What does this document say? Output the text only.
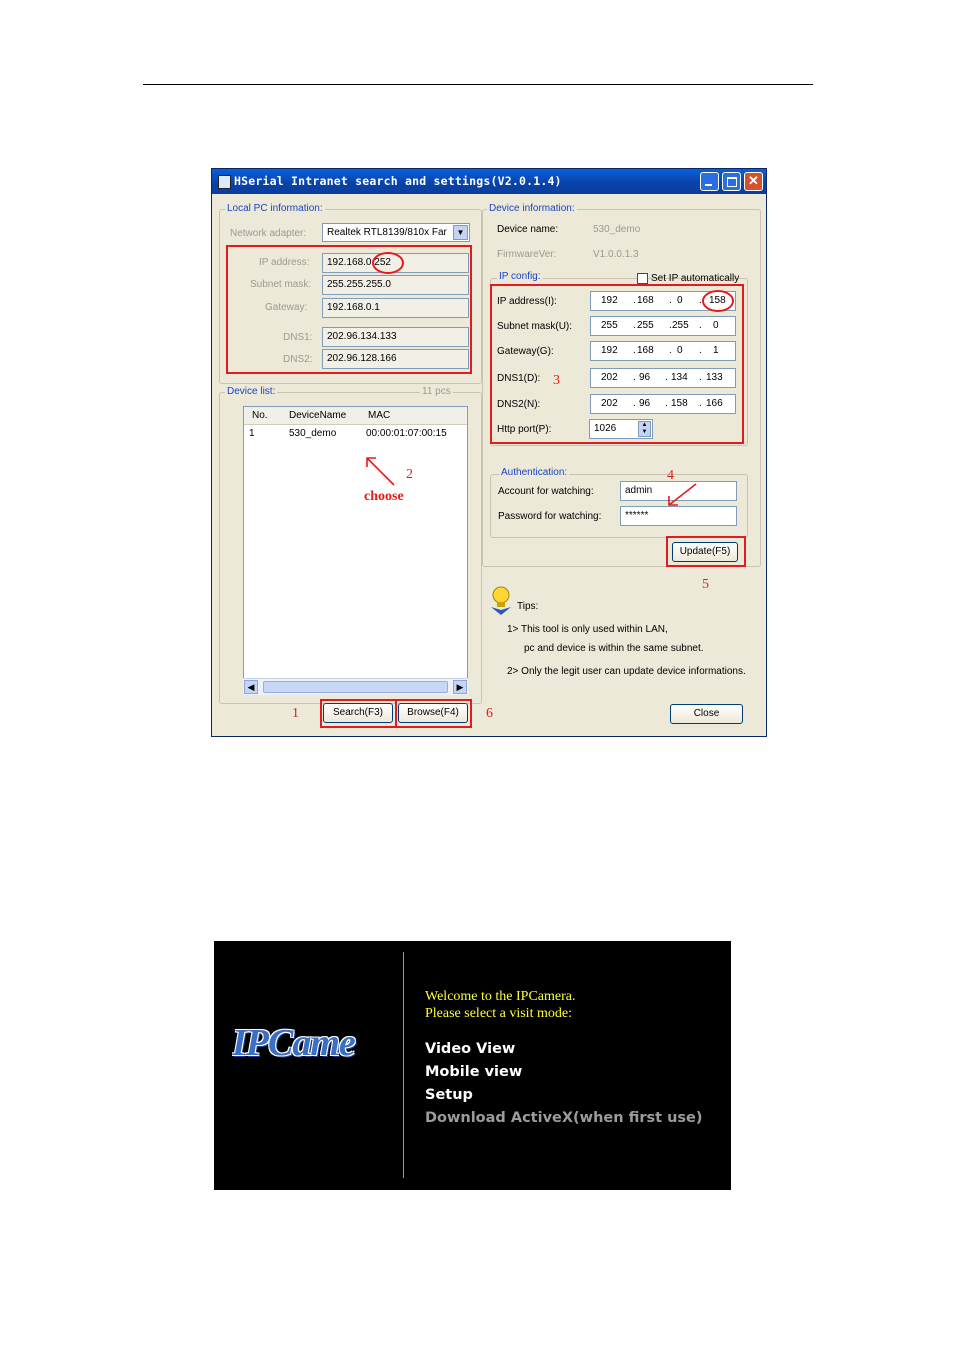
HSerial Intranet search and settings(V2.0.1.4)	✕
Local PC information:
Network adapter:	Realtek RTL8139/810x Far	▼
IP address:	192.168.0.252
Subnet mask:	255.255.255.0
Gateway:	192.168.0.1
DNS1:	202.96.134.133
DNS2:	202.96.128.166
Device list:	11 pcs
No. DeviceName MAC
1	530_demo	00:00:01:07:00:15
◀	▶
2
choose
Search(F3)	Browse(F4)
1	6	Close
Device information:
Device name:	530_demo
FirmwareVer:	V1.0.0.1.3
IP config:	Set IP automatically
IP address(I):	192 . 168 . 0 . 158
Subnet mask(U):	255 . 255 . 255 . 0
Gateway(G):	192 . 168 . 0 . 1
DNS1(D):	202 . 96 . 134 . 133
DNS2(N):	202 . 96 . 158 . 166
Http port(P):	1026	▲
▼
3
Authentication:
Account for watching:	admin
Password for watching:	******
4
Update(F5)
5
Tips:
1> This tool is only used within LAN,
pc and device is within the same subnet.
2> Only the legit user can update device informations.
IPCame
Welcome to the IPCamera.
Please select a visit mode:
Video View
Mobile view
Setup
Download ActiveX(when first use)
